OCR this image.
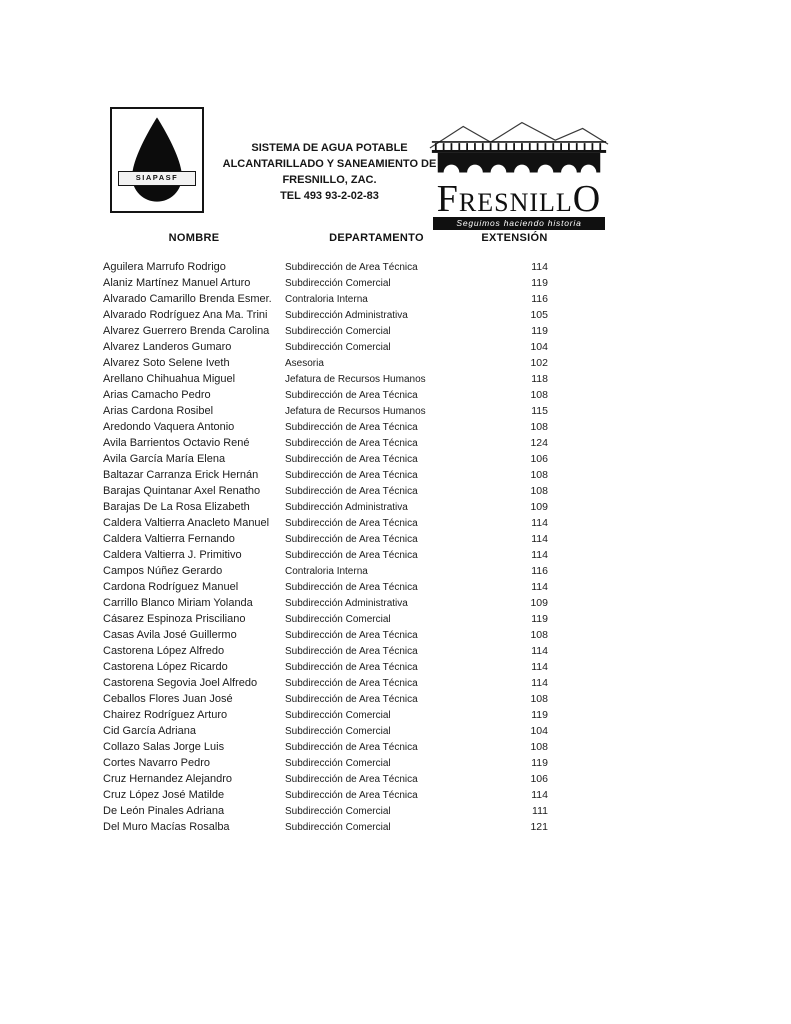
SIAPASF
SISTEMA DE AGUA POTABLE
ALCANTARILLADO Y SANEAMIENTO DE
FRESNILLO, ZAC.
TEL 493 93-2-02-83	FRESNILLO
Seguimos haciendo historia
NOMBRE	DEPARTAMENTO	EXTENSIÓN
Aguilera Marrufo Rodrigo	Subdirección de Area Técnica	114
Alaniz Martínez Manuel Arturo	Subdirección Comercial	119
Alvarado Camarillo Brenda Esmer.	Contraloria Interna	116
Alvarado Rodríguez Ana Ma. Trini	Subdirección Administrativa	105
Alvarez Guerrero Brenda Carolina	Subdirección Comercial	119
Alvarez Landeros Gumaro	Subdirección Comercial	104
Alvarez Soto Selene Iveth	Asesoria	102
Arellano Chihuahua Miguel	Jefatura de Recursos Humanos	118
Arias Camacho Pedro	Subdirección de Area Técnica	108
Arias Cardona Rosibel	Jefatura de Recursos Humanos	115
Aredondo Vaquera Antonio	Subdirección de Area Técnica	108
Avila Barrientos Octavio René	Subdirección de Area Técnica	124
Avila García María Elena	Subdirección de Area Técnica	106
Baltazar Carranza Erick Hernán	Subdirección de Area Técnica	108
Barajas Quintanar Axel Renatho	Subdirección de Area Técnica	108
Barajas De La Rosa Elizabeth	Subdirección Administrativa	109
Caldera Valtierra Anacleto Manuel	Subdirección de Area Técnica	114
Caldera Valtierra Fernando	Subdirección de Area Técnica	114
Caldera Valtierra J. Primitivo	Subdirección de Area Técnica	114
Campos Núñez Gerardo	Contraloria Interna	116
Cardona Rodríguez Manuel	Subdirección de Area Técnica	114
Carrillo Blanco Miriam Yolanda	Subdirección Administrativa	109
Cásarez Espinoza Prisciliano	Subdirección Comercial	119
Casas Avila José Guillermo	Subdirección de Area Técnica	108
Castorena López Alfredo	Subdirección de Area Técnica	114
Castorena López Ricardo	Subdirección de Area Técnica	114
Castorena Segovia Joel Alfredo	Subdirección de Area Técnica	114
Ceballos Flores Juan José	Subdirección de Area Técnica	108
Chairez Rodríguez Arturo	Subdirección Comercial	119
Cid García Adriana	Subdirección Comercial	104
Collazo Salas Jorge Luis	Subdirección de Area Técnica	108
Cortes Navarro Pedro	Subdirección Comercial	119
Cruz Hernandez Alejandro	Subdirección de Area Técnica	106
Cruz López José Matilde	Subdirección de Area Técnica	114
De León Pinales Adriana	Subdirección Comercial	111
Del Muro Macías Rosalba	Subdirección Comercial	121
